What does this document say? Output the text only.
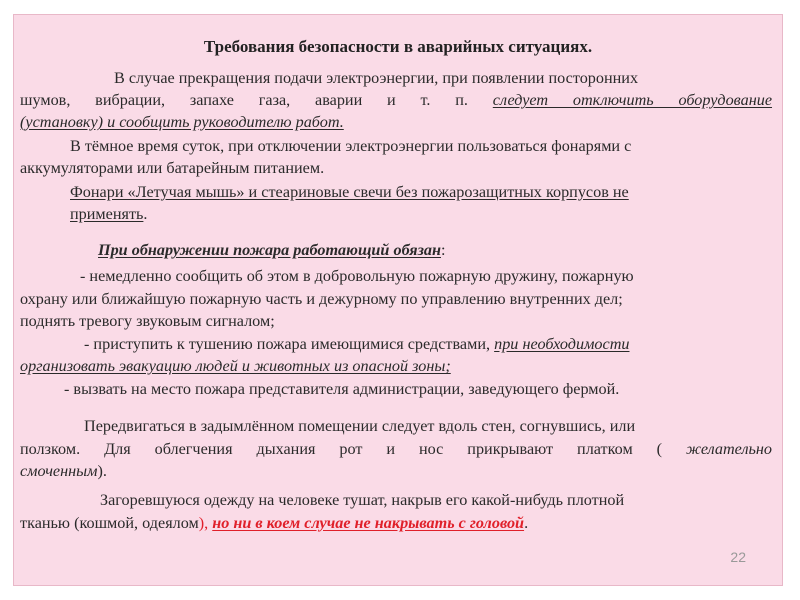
Требования безопасности в аварийных ситуациях.
В случае прекращения подачи электроэнергии, при появлении посторонних
шумов, вибрации, запахе газа, аварии и т. п. следует отключить оборудование
(установку) и сообщить руководителю работ.
В тёмное время суток, при отключении электроэнергии пользоваться фонарями с
аккумуляторами или батарейным питанием.
Фонари «Летучая мышь» и стеариновые свечи без пожарозащитных корпусов не
применять.
При обнаружении пожара работающий обязан:
- немедленно сообщить об этом в добровольную пожарную дружину, пожарную
охрану или ближайшую пожарную часть и дежурному по управлению внутренних дел;
поднять тревогу звуковым сигналом;
- приступить к тушению пожара имеющимися средствами, при необходимости
организовать эвакуацию людей и животных из опасной зоны;
- вызвать на место пожара представителя администрации, заведующего фермой.
Передвигаться в задымлённом помещении следует вдоль стен, согнувшись, или
ползком. Для облегчения дыхания рот и нос прикрывают платком ( желательно
смоченным).
Загоревшуюся одежду на человеке тушат, накрыв его какой-нибудь плотной
тканью (кошмой, одеялом), но ни в коем случае не накрывать с головой.
22
